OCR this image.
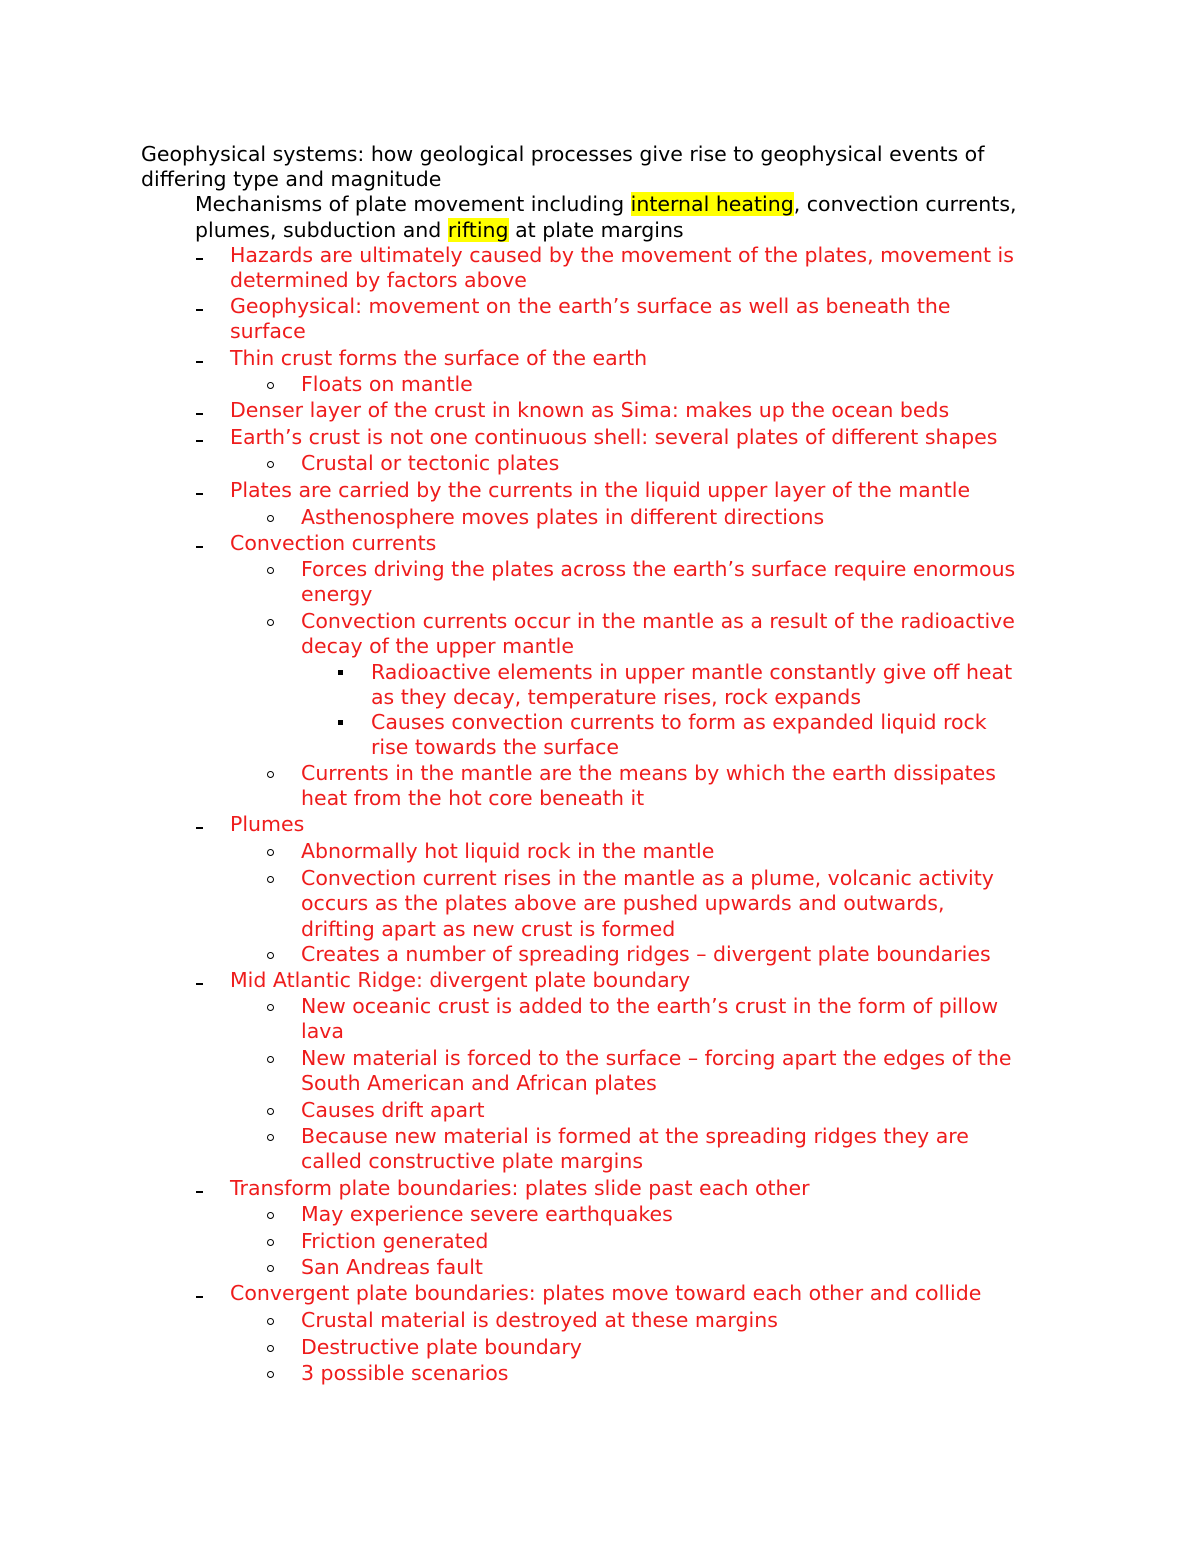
Geophysical systems: how geological processes give rise to geophysical events of
differing type and magnitude
Mechanisms of plate movement including internal heating, convection currents,
plumes, subduction and rifting at plate margins
Hazards are ultimately caused by the movement of the plates, movement is
determined by factors above
Geophysical: movement on the earth’s surface as well as beneath the
surface
Thin crust forms the surface of the earth
Floats on mantle
Denser layer of the crust in known as Sima: makes up the ocean beds
Earth’s crust is not one continuous shell: several plates of different shapes
Crustal or tectonic plates
Plates are carried by the currents in the liquid upper layer of the mantle
Asthenosphere moves plates in different directions
Convection currents
Forces driving the plates across the earth’s surface require enormous
energy
Convection currents occur in the mantle as a result of the radioactive
decay of the upper mantle
Radioactive elements in upper mantle constantly give off heat
as they decay, temperature rises, rock expands
Causes convection currents to form as expanded liquid rock
rise towards the surface
Currents in the mantle are the means by which the earth dissipates
heat from the hot core beneath it
Plumes
Abnormally hot liquid rock in the mantle
Convection current rises in the mantle as a plume, volcanic activity
occurs as the plates above are pushed upwards and outwards,
drifting apart as new crust is formed
Creates a number of spreading ridges – divergent plate boundaries
Mid Atlantic Ridge: divergent plate boundary
New oceanic crust is added to the earth’s crust in the form of pillow
lava
New material is forced to the surface – forcing apart the edges of the
South American and African plates
Causes drift apart
Because new material is formed at the spreading ridges they are
called constructive plate margins
Transform plate boundaries: plates slide past each other
May experience severe earthquakes
Friction generated
San Andreas fault
Convergent plate boundaries: plates move toward each other and collide
Crustal material is destroyed at these margins
Destructive plate boundary
3 possible scenarios
